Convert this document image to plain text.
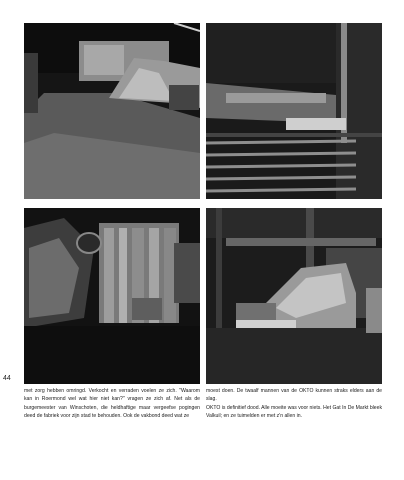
44

met zorg hebben omringd. Verkocht en verraden voelen ze zich. "Waarom kan in Roermond wel wat hier niet kan?" vragen ze zich af. Net als de burgemeester van Winschoten, die heldhaftige maar vergeefse pogingen deed de fabriek voor zijn stad te behouden. Ook de vakbond deed wat ze

moest doen. De twaalf mannen van de OKTO kunnen straks elders aan de slag.

OKTO is definitief dood. Alle moeite was voor niets. Het Gat In De Markt bleek Valkuil; en ze tuimelden er met z'n allen in.
